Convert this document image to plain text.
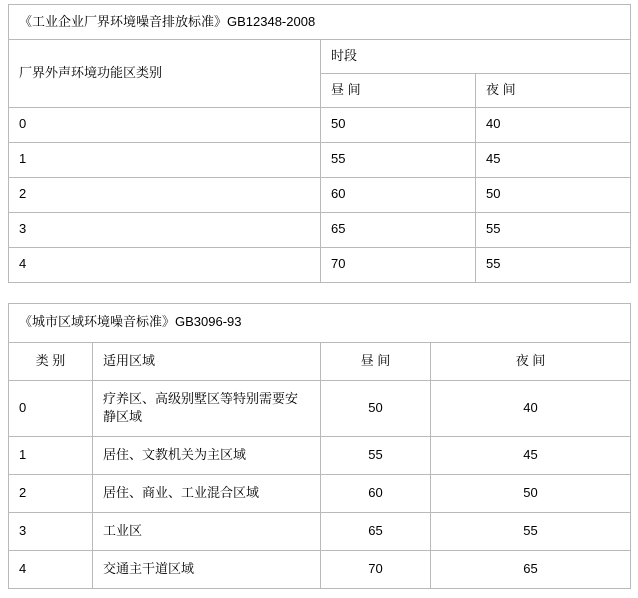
《工业企业厂界环境噪音排放标准》GB12348-2008		
厂界外声环境功能区类别	时段	
	昼 间	夜 间
0	50	40
1	55	45
2	60	50
3	65	55
4	70	55
《城市区域环境噪音标准》GB3096-93			
类 别	适用区域	昼 间	夜 间
0	疗养区、高级别墅区等特别需要安静区域	50	40
1	居住、文教机关为主区域	55	45
2	居住、商业、工业混合区域	60	50
3	工业区	65	55
4	交通主干道区域	70	65
